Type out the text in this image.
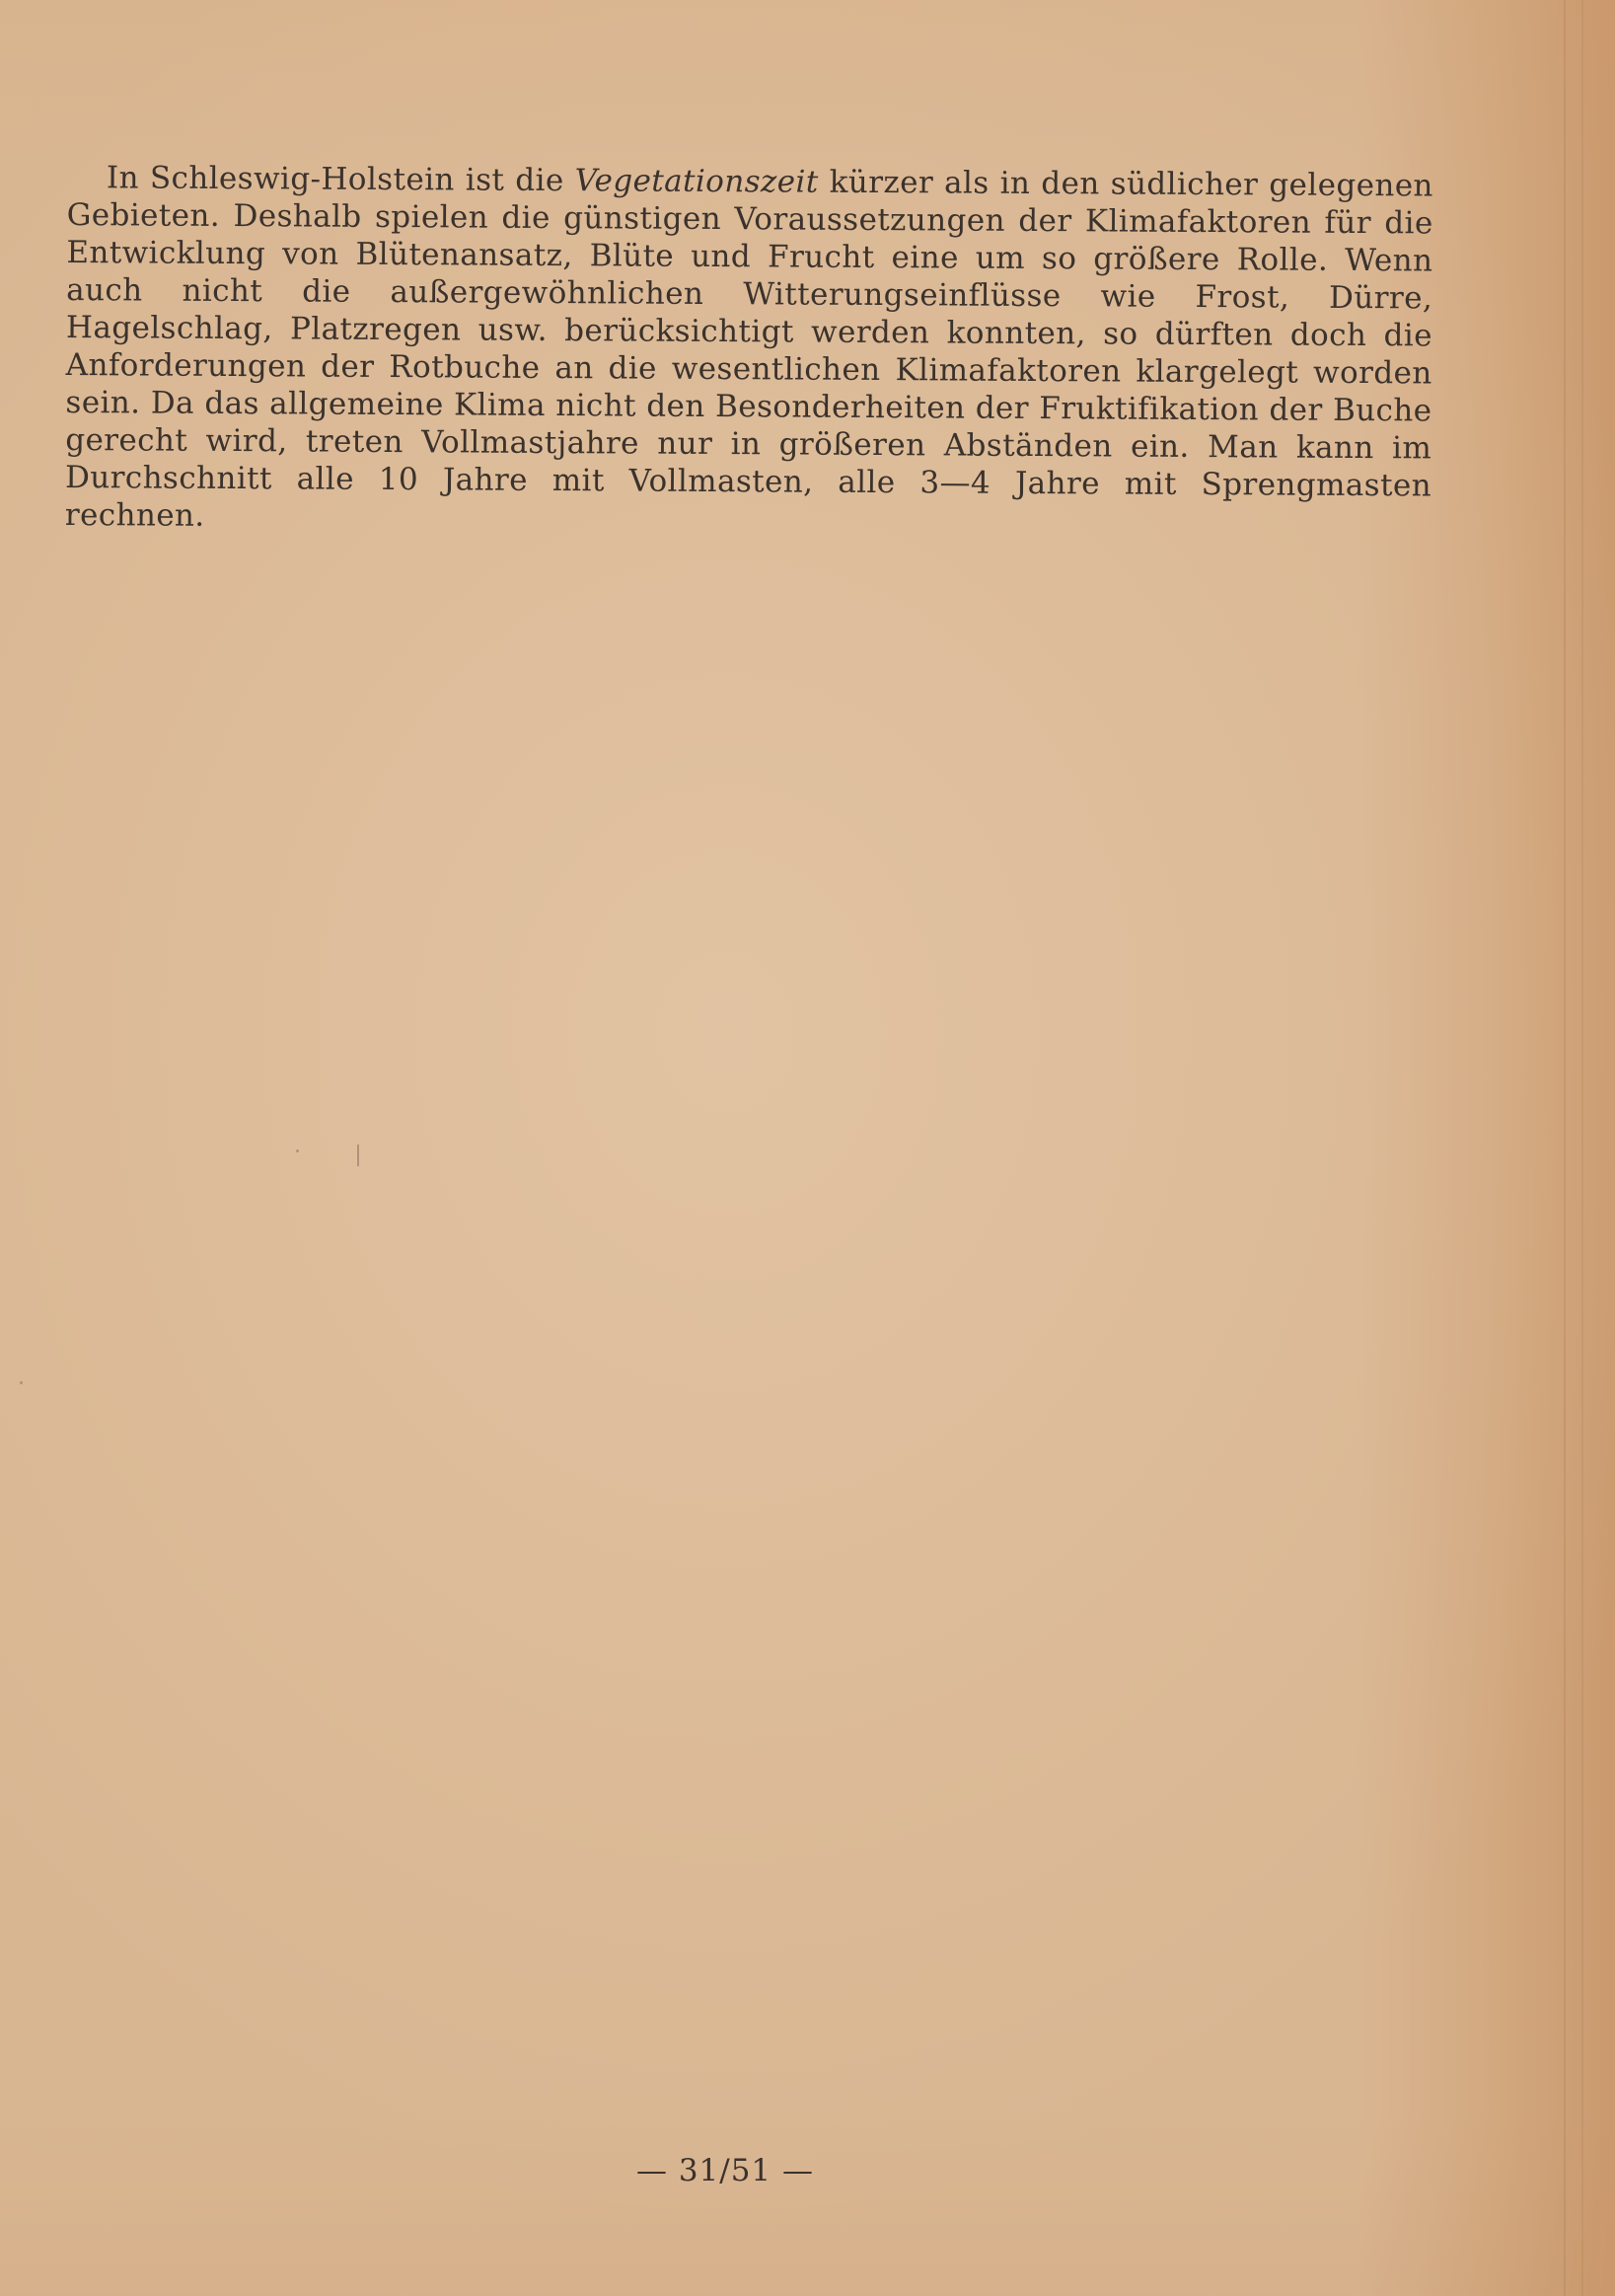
In Schleswig-Holstein ist die Vegetationszeit kürzer als in den südlicher gelegenen Gebieten. Deshalb spielen die günstigen Voraussetzungen der Klimafaktoren für die Entwicklung von Blütenansatz, Blüte und Frucht eine um so größere Rolle. Wenn auch nicht die außergewöhnlichen Witterungseinflüsse wie Frost, Dürre, Hagelschlag, Platzregen usw. berücksichtigt werden konnten, so dürften doch die Anforderungen der Rotbuche an die wesentlichen Klimafaktoren klargelegt worden sein. Da das allgemeine Klima nicht den Besonderheiten der Fruktifikation der Buche gerecht wird, treten Vollmastjahre nur in größeren Abständen ein. Man kann im Durchschnitt alle 10 Jahre mit Vollmasten, alle 3—4 Jahre mit Sprengmasten rechnen.

— 31/51 —
